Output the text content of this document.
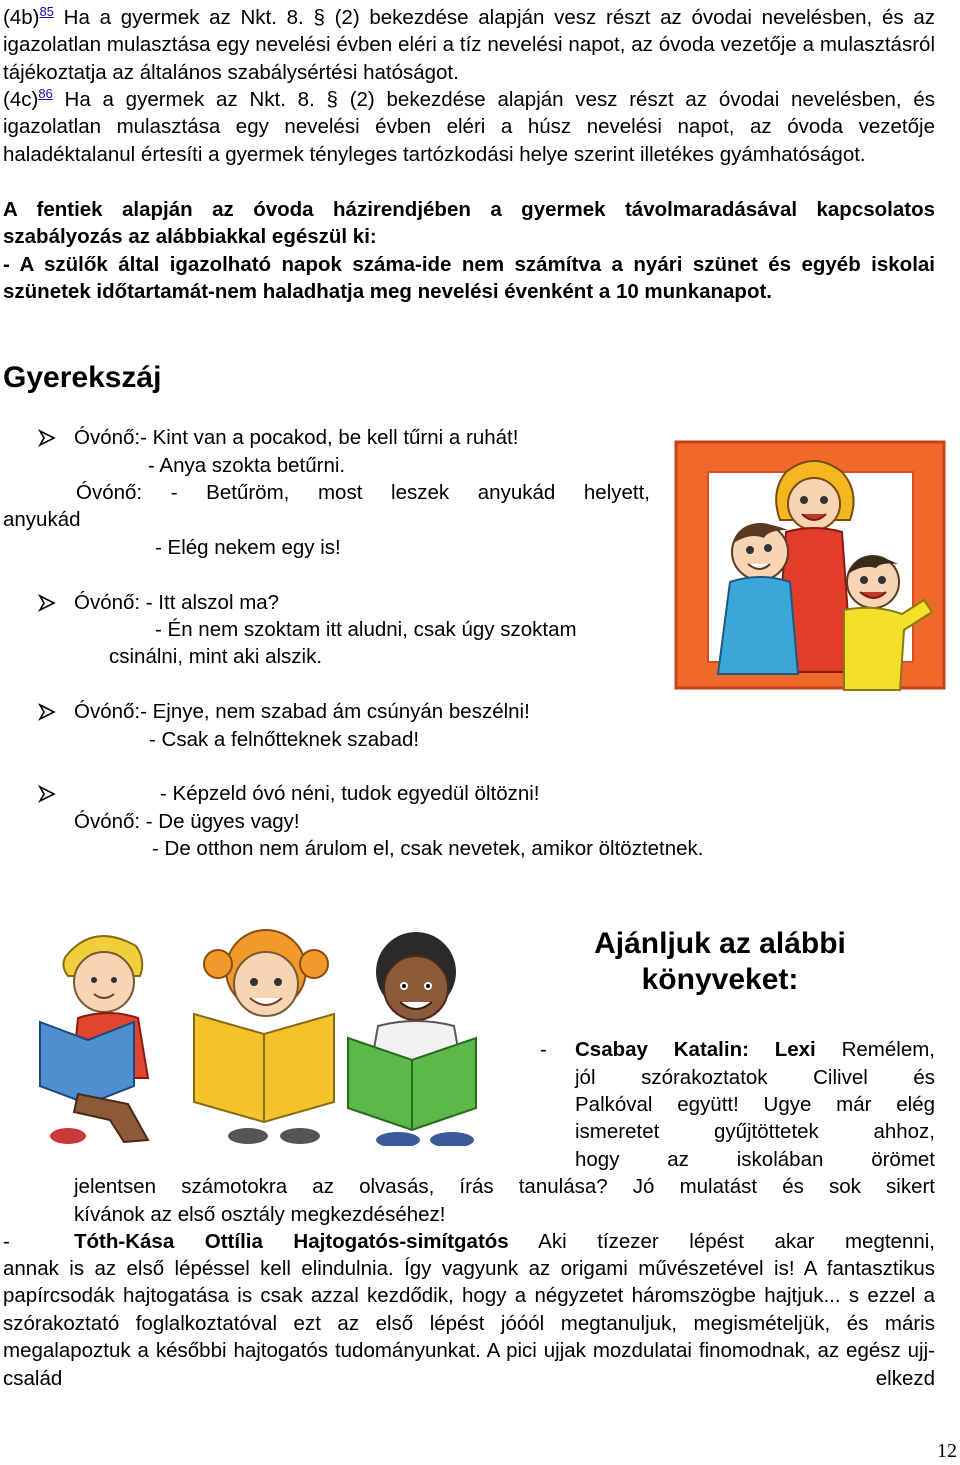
(4b)$^{85}$ Ha a gyermek az Nkt. 8. § (2) bekezdése alapján vesz részt az óvodai nevelésben, és az igazolatlan mulasztása egy nevelési évben eléri a tíz nevelési napot, az óvoda vezetője a mulasztásról tájékoztatja az általános szabálysértési hatóságot.
(4c)$^{86}$ Ha a gyermek az Nkt. 8. § (2) bekezdése alapján vesz részt az óvodai nevelésben, és igazolatlan mulasztása egy nevelési évben eléri a húsz nevelési napot, az óvoda vezetője haladéktalanul értesíti a gyermek tényleges tartózkodási helye szerint illetékes gyámhatóságot.
A fentiek alapján az óvoda házirendjében a gyermek távolmaradásával kapcsolatos szabályozás az alábbiakkal egészül ki:
- A szülők által igazolható napok száma-ide nem számítva a nyári szünet és egyéb iskolai szünetek időtartamát-nem haladhatja meg nevelési évenként a 10 munkanapot.
Gyerekszáj
Óvónő:- Kint van a pocakod, be kell tűrni a ruhát!
- Anya szokta betűrni.
Óvónő: - Betűröm, most leszek anyukád helyett,
anyukád
- Elég nekem egy is!
Óvónő: - Itt alszol ma?
- Én nem szoktam itt aludni, csak úgy szoktam
csinálni, mint aki alszik.
Óvónő:- Ejnye, nem szabad ám csúnyán beszélni!
- Csak a felnőtteknek szabad!
- Képzeld óvó néni, tudok egyedül öltözni!
Óvónő: - De ügyes vagy!
- De otthon nem árulom el, csak nevetek, amikor öltöztetnek.
Ajánljuk az alábbi
könyveket:
- Csabay Katalin: Lexi Remélem,
jól szórakoztatok Cilivel és
Palkóval együtt! Ugye már elég
ismeretet gyűjtöttetek ahhoz,
hogy az iskolában örömet
jelentsen számotokra az olvasás, írás tanulása? Jó mulatást és sok sikert
kívánok az első osztály megkezdéséhez!
-	Tóth-Kása Ottília Hajtogatós-simítgatós Aki tízezer lépést akar megtenni,
annak is az első lépéssel kell elindulnia. Így vagyunk az origami művészetével is! A fantasztikus papírcsodák hajtogatása is csak azzal kezdődik, hogy a négyzetet háromszögbe hajtjuk... s ezzel a szórakoztató foglalkoztatóval ezt az első lépést jóóól megtanuljuk, megismételjük, és máris megalapoztuk a későbbi hajtogatós tudományunkat. A pici ujjak mozdulatai finomodnak, az egész ujj-család elkezd
12
